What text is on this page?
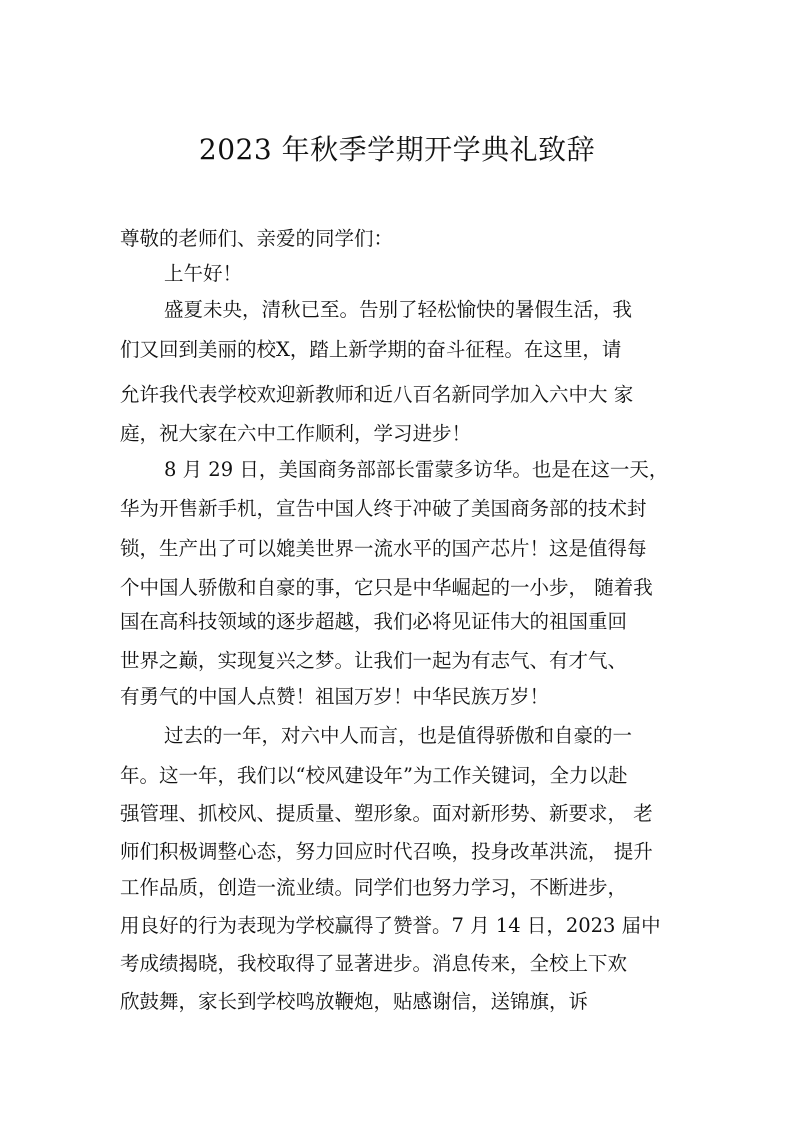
2023 年秋季学期开学典礼致辞

尊敬的老师们、亲爱的同学们：

上午好！

盛夏未央，清秋已至。告别了轻松愉快的暑假生活，我

们又回到美丽的校X，踏上新学期的奋斗征程。在这里，请

允许我代表学校欢迎新教师和近八百名新同学加入六中大 家

庭，祝大家在六中工作顺利，学习进步！

8 月 29 日，美国商务部部长雷蒙多访华。也是在这一天，

华为开售新手机，宣告中国人终于冲破了美国商务部的技术封

锁，生产出了可以媲美世界一流水平的国产芯片！这是值得每

个中国人骄傲和自豪的事，它只是中华崛起的一小步， 随着我

国在高科技领域的逐步超越，我们必将见证伟大的祖国重回

世界之巅，实现复兴之梦。让我们一起为有志气、有才气、

有勇气的中国人点赞！祖国万岁！中华民族万岁！

过去的一年，对六中人而言，也是值得骄傲和自豪的一

年。这一年，我们以“校风建设年”为工作关键词，全力以赴

强管理、抓校风、提质量、塑形象。面对新形势、新要求， 老

师们积极调整心态，努力回应时代召唤，投身改革洪流， 提升

工作品质，创造一流业绩。同学们也努力学习，不断进步，

用良好的行为表现为学校赢得了赞誉。7 月 14 日，2023 届中

考成绩揭晓，我校取得了显著进步。消息传来，全校上下欢

欣鼓舞，家长到学校鸣放鞭炮，贴感谢信，送锦旗，诉
